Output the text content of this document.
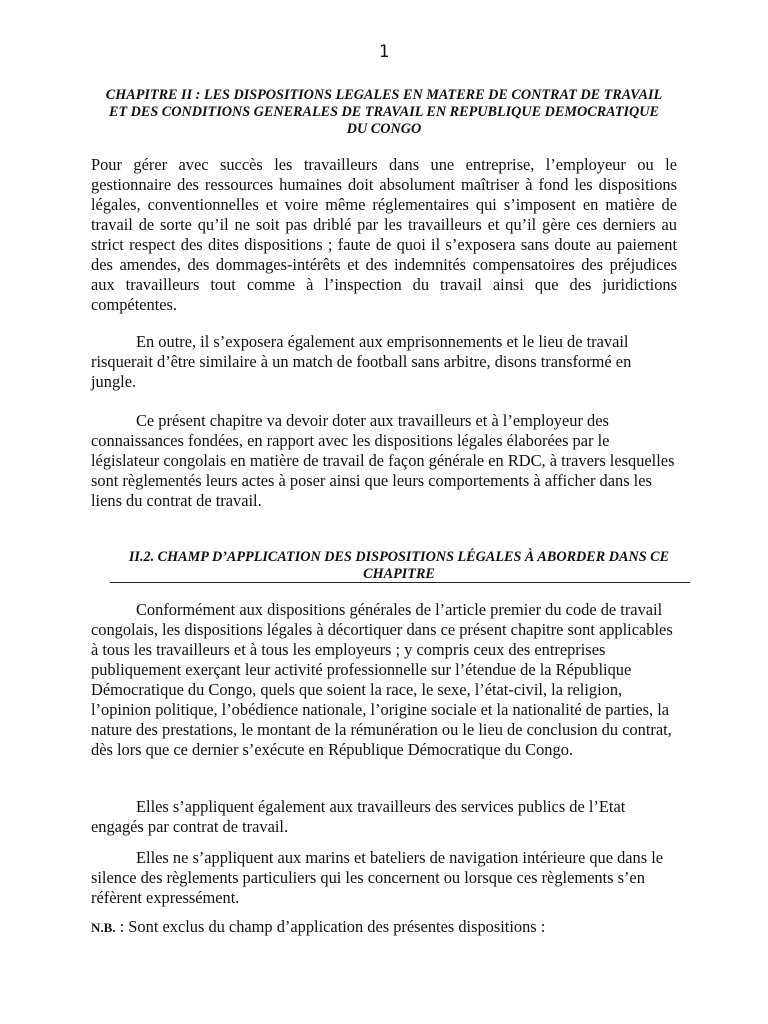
1
CHAPITRE II : LES DISPOSITIONS LEGALES EN MATERE DE CONTRAT DE TRAVAIL ET DES CONDITIONS GENERALES DE TRAVAIL EN REPUBLIQUE DEMOCRATIQUE DU CONGO

Pour gérer avec succès les travailleurs dans une entreprise, l’employeur ou le gestionnaire des ressources humaines doit absolument maîtriser à fond les dispositions légales, conventionnelles et voire même réglementaires qui s’imposent en matière de travail de sorte qu’il ne soit pas driblé par les travailleurs et qu’il gère ces derniers au strict respect des dites dispositions ; faute de quoi il s’exposera sans doute au paiement des amendes, des dommages-intérêts et des indemnités compensatoires des préjudices aux travailleurs tout comme à l’inspection du travail ainsi que des juridictions compétentes.

En outre, il s’exposera également aux emprisonnements et le lieu de travail risquerait d’être similaire à un match de football sans arbitre, disons transformé en jungle.

Ce présent chapitre va devoir doter aux travailleurs et à l’employeur des connaissances fondées, en rapport avec les dispositions légales élaborées par le législateur congolais en matière de travail de façon générale en RDC, à travers lesquelles sont règlementés leurs actes à poser ainsi que leurs comportements à afficher dans les liens du contrat de travail.

II.2. CHAMP D’APPLICATION DES DISPOSITIONS LÉGALES À ABORDER DANS CE CHAPITRE

Conformément aux dispositions générales de l’article premier du code de travail congolais, les dispositions légales à décortiquer dans ce présent chapitre sont applicables à tous les travailleurs et à tous les employeurs ; y compris ceux des entreprises publiquement exerçant leur activité professionnelle sur l’étendue de la République Démocratique du Congo, quels que soient la race, le sexe, l’état-civil, la religion, l’opinion politique, l’obédience nationale, l’origine sociale et la nationalité de parties, la nature des prestations, le montant de la rémunération ou le lieu de conclusion du contrat, dès lors que ce dernier s’exécute en République Démocratique du Congo.

Elles s’appliquent également aux travailleurs des services publics de l’Etat engagés par contrat de travail.

Elles ne s’appliquent aux marins et bateliers de navigation intérieure que dans le silence des règlements particuliers qui les concernent ou lorsque ces règlements s’en réfèrent expressément.

N.B. : Sont exclus du champ d’application des présentes dispositions :
